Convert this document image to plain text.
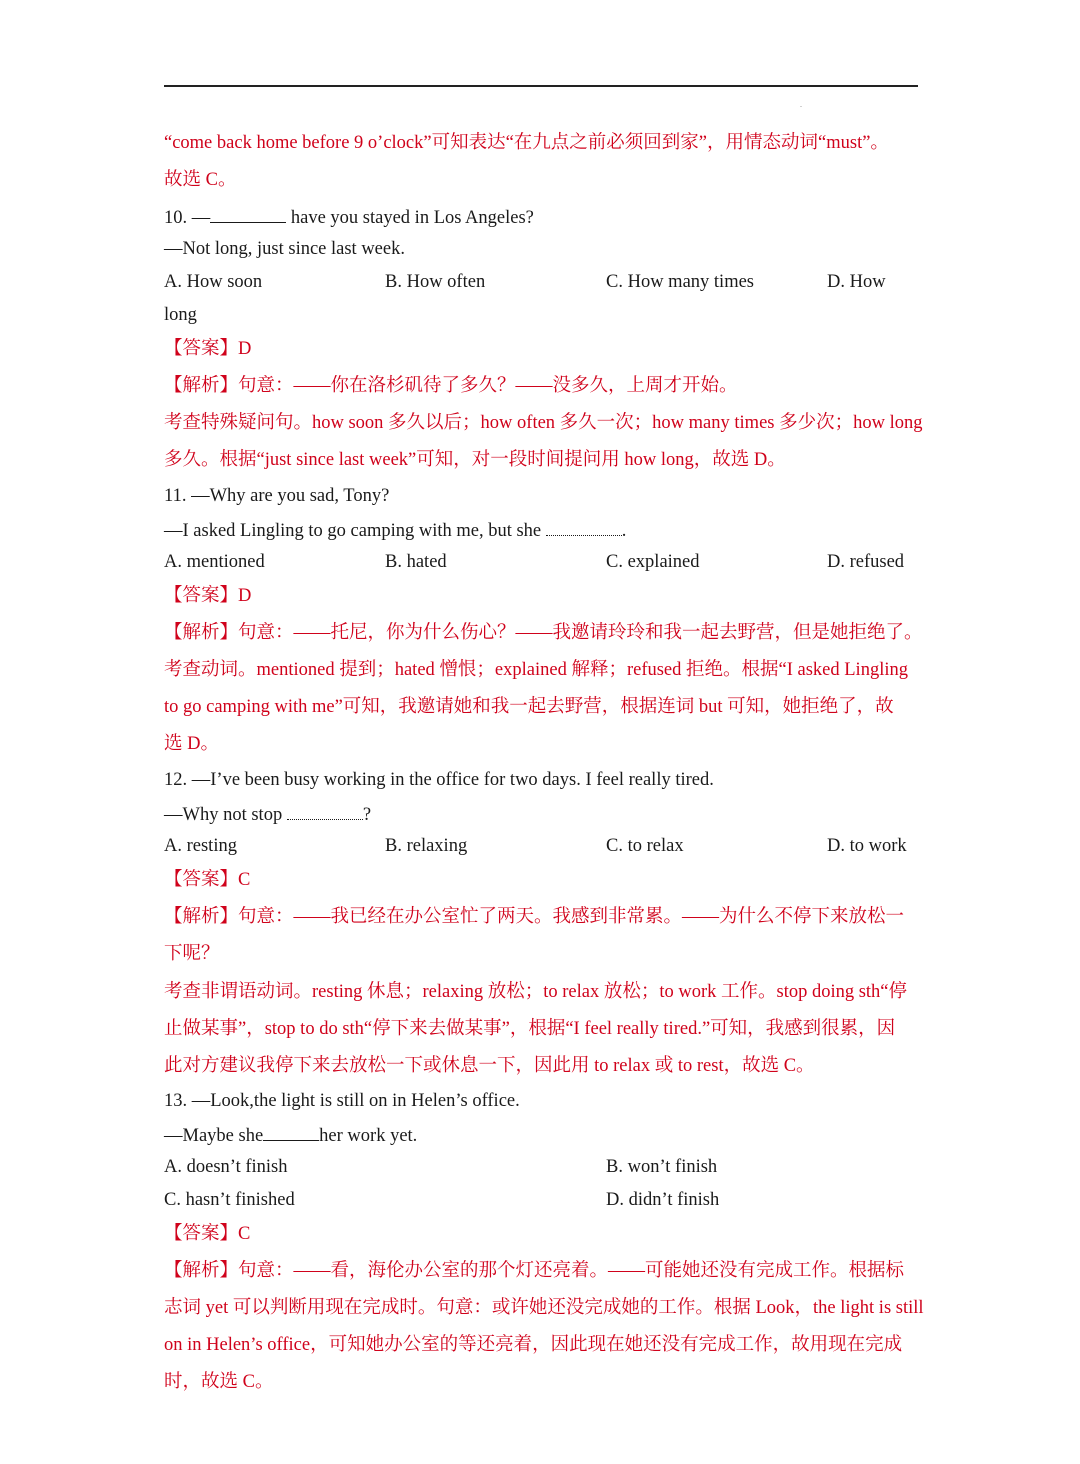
.
“come back home before 9 o’clock”可知表达“在九点之前必须回到家”，用情态动词“must”。
故选 C。
10. —	have you stayed in Los Angeles?
—Not long, just since last week.
A. How soon	B. How often	C. How many times	D. How
long
【答案】D
【解析】句意：——你在洛杉矶待了多久？——没多久，上周才开始。
考查特殊疑问句。how soon 多久以后；how often 多久一次；how many times 多少次；how long
多久。根据“just since last week”可知，对一段时间提问用 how long，故选 D。
11. —Why are you sad, Tony?
—I asked Lingling to go camping with me, but she	.
A. mentioned	B. hated	C. explained	D. refused
【答案】D
【解析】句意：——托尼，你为什么伤心？——我邀请玲玲和我一起去野营，但是她拒绝了。
考查动词。mentioned 提到；hated 憎恨；explained 解释；refused 拒绝。根据“I asked Lingling
to go camping with me”可知，我邀请她和我一起去野营，根据连词 but 可知，她拒绝了，故
选 D。
12. —I’ve been busy working in the office for two days. I feel really tired.
—Why not stop	?
A. resting	B. relaxing	C. to relax	D. to work
【答案】C
【解析】句意：——我已经在办公室忙了两天。我感到非常累。——为什么不停下来放松一
下呢？
考查非谓语动词。resting 休息；relaxing 放松；to relax 放松；to work 工作。stop doing sth“停
止做某事”，stop to do sth“停下来去做某事”，根据“I feel really tired.”可知，我感到很累，因
此对方建议我停下来去放松一下或休息一下，因此用 to relax 或 to rest，故选 C。
13. —Look,the light is still on in Helen’s office.
—Maybe she	her work yet.
A. doesn’t finish	B. won’t finish
C. hasn’t finished	D. didn’t finish
【答案】C
【解析】句意：——看，海伦办公室的那个灯还亮着。——可能她还没有完成工作。根据标
志词 yet 可以判断用现在完成时。句意：或许她还没完成她的工作。根据 Look，the light is still
on in Helen’s office，可知她办公室的等还亮着，因此现在她还没有完成工作，故用现在完成
时，故选 C。
